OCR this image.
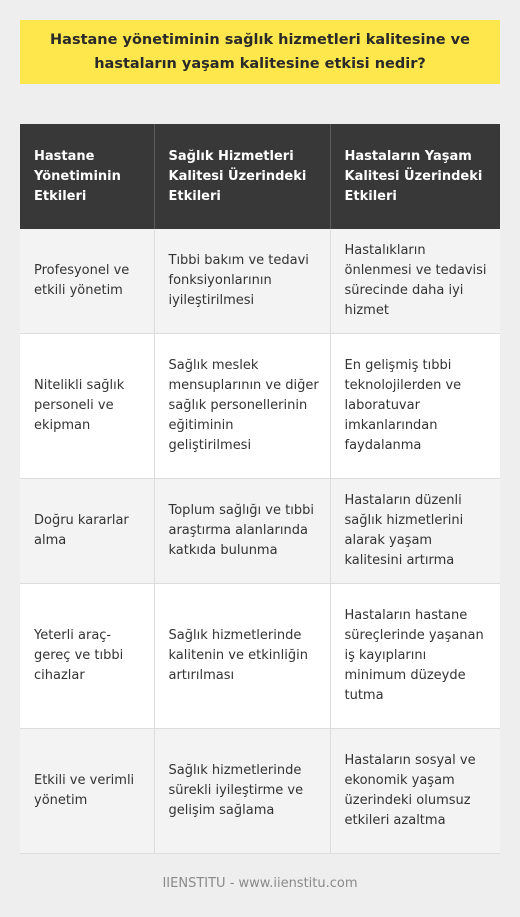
Hastane yönetiminin sağlık hizmetleri kalitesine ve hastaların yaşam kalitesine etkisi nedir?
Hastane Yönetiminin Etkileri	Sağlık Hizmetleri Kalitesi Üzerindeki Etkileri	Hastaların Yaşam Kalitesi Üzerindeki Etkileri
Profesyonel ve etkili yönetim	Tıbbi bakım ve tedavi fonksiyonlarının iyileştirilmesi	Hastalıkların önlenmesi ve tedavisi sürecinde daha iyi hizmet
Nitelikli sağlık personeli ve ekipman	Sağlık meslek mensuplarının ve diğer sağlık personellerinin eğitiminin geliştirilmesi	En gelişmiş tıbbi teknolojilerden ve laboratuvar imkanlarından faydalanma
Doğru kararlar alma	Toplum sağlığı ve tıbbi araştırma alanlarında katkıda bulunma	Hastaların düzenli sağlık hizmetlerini alarak yaşam kalitesini artırma
Yeterli araç-gereç ve tıbbi cihazlar	Sağlık hizmetlerinde kalitenin ve etkinliğin artırılması	Hastaların hastane süreçlerinde yaşanan iş kayıplarını minimum düzeyde tutma
Etkili ve verimli yönetim	Sağlık hizmetlerinde sürekli iyileştirme ve gelişim sağlama	Hastaların sosyal ve ekonomik yaşam üzerindeki olumsuz etkileri azaltma
IIENSTITU - www.iienstitu.com
